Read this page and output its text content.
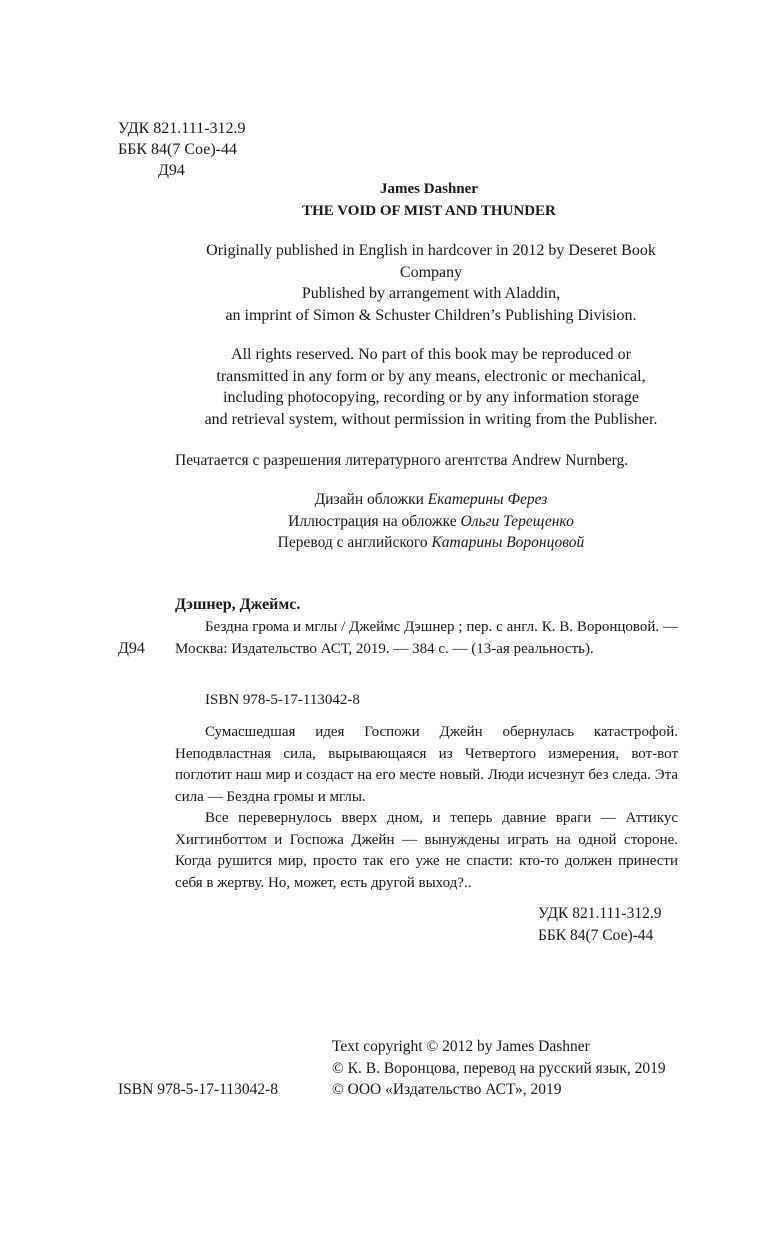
УДК 821.111-312.9
ББК 84(7 Сое)-44
Д94
James Dashner
THE VOID OF MIST AND THUNDER
Originally published in English in hardcover in 2012 by Deseret Book
Company
Published by arrangement with Aladdin,
an imprint of Simon & Schuster Children’s Publishing Division.
All rights reserved. No part of this book may be reproduced or
transmitted in any form or by any means, electronic or mechanical,
including photocopying, recording or by any information storage
and retrieval system, without permission in writing from the Publisher.
Печатается с разрешения литературного агентства Andrew Nurnberg.
Дизайн обложки Екатерины Ферез
Иллюстрация на обложке Ольги Терещенко
Перевод с английского Катарины Воронцовой
Дэшнер, Джеймс.
Д94
Бездна грома и мглы / Джеймс Дэшнер ; пер. с англ. К. В. Воронцовой. — Москва: Издательство АСТ, 2019. — 384 с. — (13-ая реальность).
ISBN 978-5-17-113042-8

Сумасшедшая идея Госпожи Джейн обернулась катастрофой. Неподвластная сила, вырывающаяся из Четвертого измерения, вот-вот поглотит наш мир и создаст на его месте новый. Люди исчезнут без следа. Эта сила — Бездна громы и мглы.

Все перевернулось вверх дном, и теперь давние враги — Аттикус Хиггинботтом и Госпожа Джейн — вынуждены играть на одной стороне. Когда рушится мир, просто так его уже не спасти: кто-то должен принести себя в жертву. Но, может, есть другой выход?..

УДК 821.111-312.9
ББК 84(7 Сое)-44
Text copyright © 2012 by James Dashner
© К. В. Воронцова, перевод на русский язык, 2019
© ООО «Издательство АСТ», 2019
ISBN 978-5-17-113042-8
